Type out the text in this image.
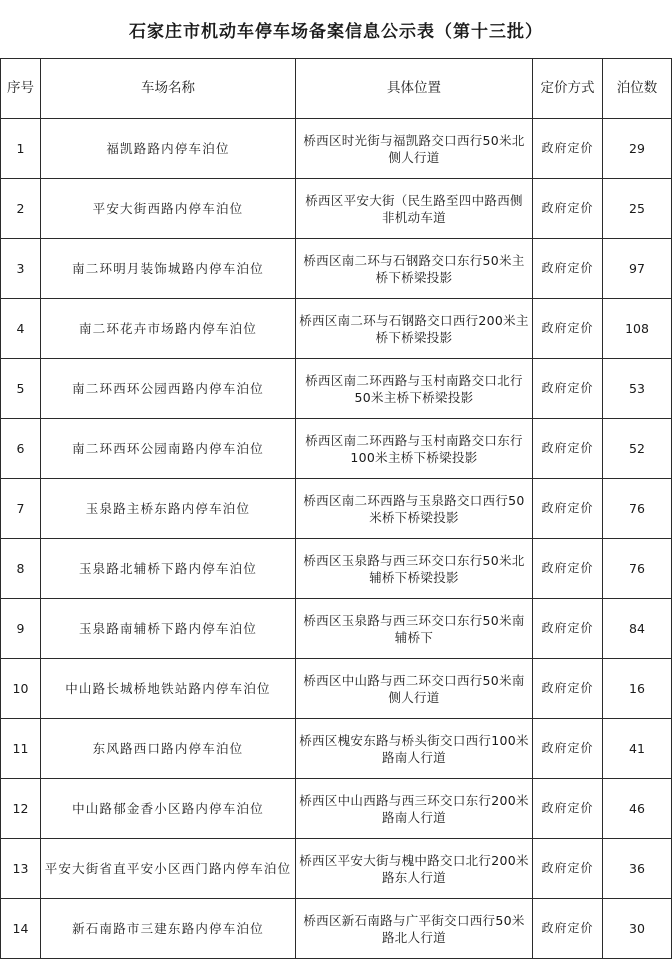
石家庄市机动车停车场备案信息公示表（第十三批）
序号	车场名称	具体位置	定价方式	泊位数
1	福凯路路内停车泊位	桥西区时光街与福凯路交口西行50米北侧人行道	政府定价	29
2	平安大街西路内停车泊位	桥西区平安大街（民生路至四中路西侧非机动车道	政府定价	25
3	南二环明月装饰城路内停车泊位	桥西区南二环与石钢路交口东行50米主桥下桥梁投影	政府定价	97
4	南二环花卉市场路内停车泊位	桥西区南二环与石钢路交口西行200米主桥下桥梁投影	政府定价	108
5	南二环西环公园西路内停车泊位	桥西区南二环西路与玉村南路交口北行50米主桥下桥梁投影	政府定价	53
6	南二环西环公园南路内停车泊位	桥西区南二环西路与玉村南路交口东行100米主桥下桥梁投影	政府定价	52
7	玉泉路主桥东路内停车泊位	桥西区南二环西路与玉泉路交口西行50米桥下桥梁投影	政府定价	76
8	玉泉路北辅桥下路内停车泊位	桥西区玉泉路与西三环交口东行50米北辅桥下桥梁投影	政府定价	76
9	玉泉路南辅桥下路内停车泊位	桥西区玉泉路与西三环交口东行50米南辅桥下	政府定价	84
10	中山路长城桥地铁站路内停车泊位	桥西区中山路与西二环交口西行50米南侧人行道	政府定价	16
11	东风路西口路内停车泊位	桥西区槐安东路与桥头街交口西行100米路南人行道	政府定价	41
12	中山路郁金香小区路内停车泊位	桥西区中山西路与西三环交口东行200米路南人行道	政府定价	46
13	平安大街省直平安小区西门路内停车泊位	桥西区平安大街与槐中路交口北行200米路东人行道	政府定价	36
14	新石南路市三建东路内停车泊位	桥西区新石南路与广平街交口西行50米路北人行道	政府定价	30
